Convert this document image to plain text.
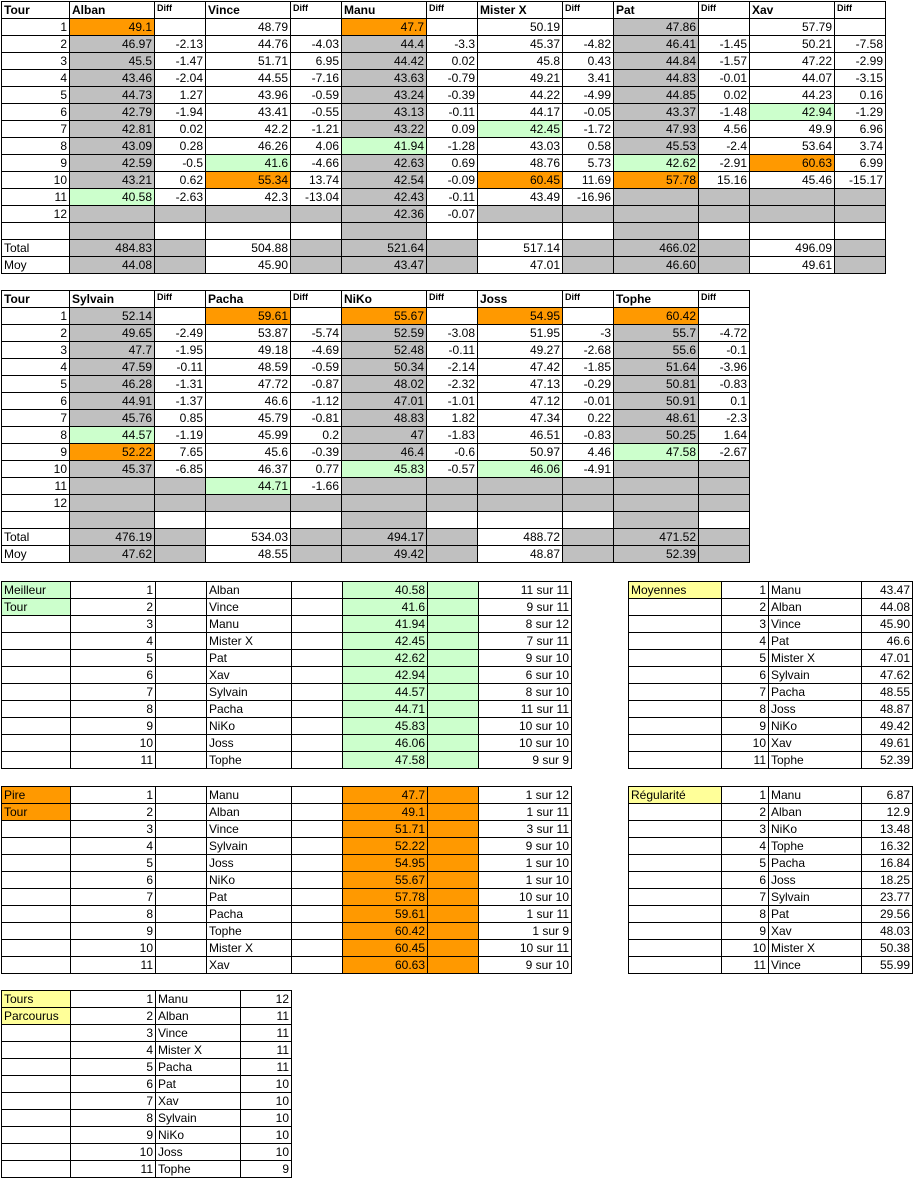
Tour	Alban	Diff	Vince	Diff	Manu	Diff	Mister X	Diff	Pat	Diff	Xav	Diff
1	49.1		48.79		47.7		50.19		47.86		57.79	
2	46.97	-2.13	44.76	-4.03	44.4	-3.3	45.37	-4.82	46.41	-1.45	50.21	-7.58
3	45.5	-1.47	51.71	6.95	44.42	0.02	45.8	0.43	44.84	-1.57	47.22	-2.99
4	43.46	-2.04	44.55	-7.16	43.63	-0.79	49.21	3.41	44.83	-0.01	44.07	-3.15
5	44.73	1.27	43.96	-0.59	43.24	-0.39	44.22	-4.99	44.85	0.02	44.23	0.16
6	42.79	-1.94	43.41	-0.55	43.13	-0.11	44.17	-0.05	43.37	-1.48	42.94	-1.29
7	42.81	0.02	42.2	-1.21	43.22	0.09	42.45	-1.72	47.93	4.56	49.9	6.96
8	43.09	0.28	46.26	4.06	41.94	-1.28	43.03	0.58	45.53	-2.4	53.64	3.74
9	42.59	-0.5	41.6	-4.66	42.63	0.69	48.76	5.73	42.62	-2.91	60.63	6.99
10	43.21	0.62	55.34	13.74	42.54	-0.09	60.45	11.69	57.78	15.16	45.46	-15.17
11	40.58	-2.63	42.3	-13.04	42.43	-0.11	43.49	-16.96				
12					42.36	-0.07						

Total	484.83		504.88		521.64		517.14		466.02		496.09	
Moy	44.08		45.90		43.47		47.01		46.60		49.61	
Tour	Sylvain	Diff	Pacha	Diff	NiKo	Diff	Joss	Diff	Tophe	Diff
1	52.14		59.61		55.67		54.95		60.42	
2	49.65	-2.49	53.87	-5.74	52.59	-3.08	51.95	-3	55.7	-4.72
3	47.7	-1.95	49.18	-4.69	52.48	-0.11	49.27	-2.68	55.6	-0.1
4	47.59	-0.11	48.59	-0.59	50.34	-2.14	47.42	-1.85	51.64	-3.96
5	46.28	-1.31	47.72	-0.87	48.02	-2.32	47.13	-0.29	50.81	-0.83
6	44.91	-1.37	46.6	-1.12	47.01	-1.01	47.12	-0.01	50.91	0.1
7	45.76	0.85	45.79	-0.81	48.83	1.82	47.34	0.22	48.61	-2.3
8	44.57	-1.19	45.99	0.2	47	-1.83	46.51	-0.83	50.25	1.64
9	52.22	7.65	45.6	-0.39	46.4	-0.6	50.97	4.46	47.58	-2.67
10	45.37	-6.85	46.37	0.77	45.83	-0.57	46.06	-4.91		
11			44.71	-1.66						
12										

Total	476.19		534.03		494.17		488.72		471.52	
Moy	47.62		48.55		49.42		48.87		52.39	
Meilleur	1		Alban		40.58		11 sur 11
Tour	2		Vince		41.6		9 sur 11
	3		Manu		41.94		8 sur 12
	4		Mister X		42.45		7 sur 11
	5		Pat		42.62		9 sur 10
	6		Xav		42.94		6 sur 10
	7		Sylvain		44.57		8 sur 10
	8		Pacha		44.71		11 sur 11
	9		NiKo		45.83		10 sur 10
	10		Joss		46.06		10 sur 10
	11		Tophe		47.58		9 sur 9
Pire	1		Manu		47.7		1 sur 12
Tour	2		Alban		49.1		1 sur 11
	3		Vince		51.71		3 sur 11
	4		Sylvain		52.22		9 sur 10
	5		Joss		54.95		1 sur 10
	6		NiKo		55.67		1 sur 10
	7		Pat		57.78		10 sur 10
	8		Pacha		59.61		1 sur 11
	9		Tophe		60.42		1 sur 9
	10		Mister X		60.45		10 sur 11
	11		Xav		60.63		9 sur 10
Moyennes	1	Manu	43.47
	2	Alban	44.08
	3	Vince	45.90
	4	Pat	46.6
	5	Mister X	47.01
	6	Sylvain	47.62
	7	Pacha	48.55
	8	Joss	48.87
	9	NiKo	49.42
	10	Xav	49.61
	11	Tophe	52.39
Régularité	1	Manu	6.87
	2	Alban	12.9
	3	NiKo	13.48
	4	Tophe	16.32
	5	Pacha	16.84
	6	Joss	18.25
	7	Sylvain	23.77
	8	Pat	29.56
	9	Xav	48.03
	10	Mister X	50.38
	11	Vince	55.99
Tours	1	Manu	12
Parcourus	2	Alban	11
	3	Vince	11
	4	Mister X	11
	5	Pacha	11
	6	Pat	10
	7	Xav	10
	8	Sylvain	10
	9	NiKo	10
	10	Joss	10
	11	Tophe	9
